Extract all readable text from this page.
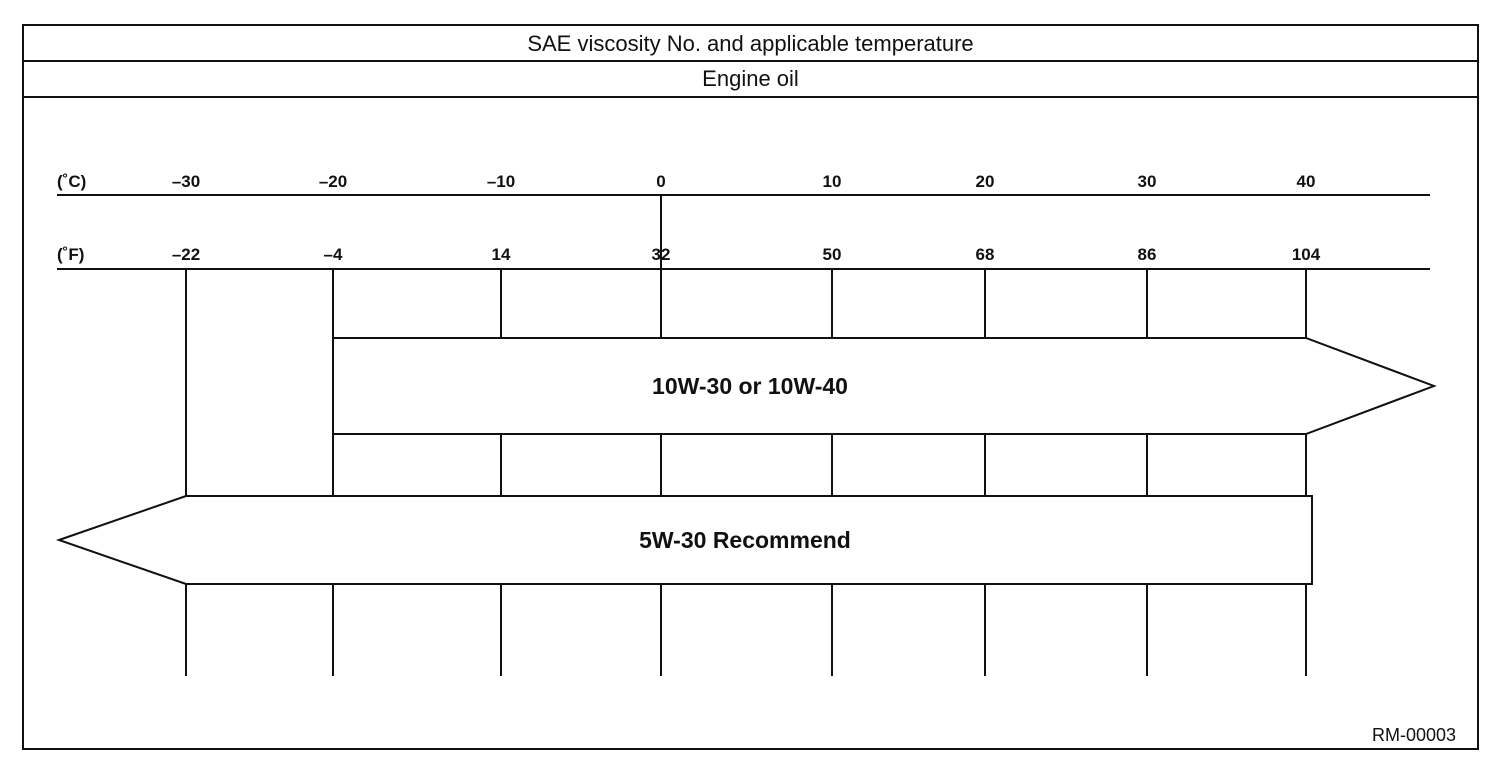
SAE viscosity No. and applicable temperature
Engine oil
(˚C)	–30	–20	–10	0	10	20	30	40
(˚F)	–22	–4	14	32	50	68	86	104
10W-30 or 10W-40
5W-30 Recommend
RM-00003
